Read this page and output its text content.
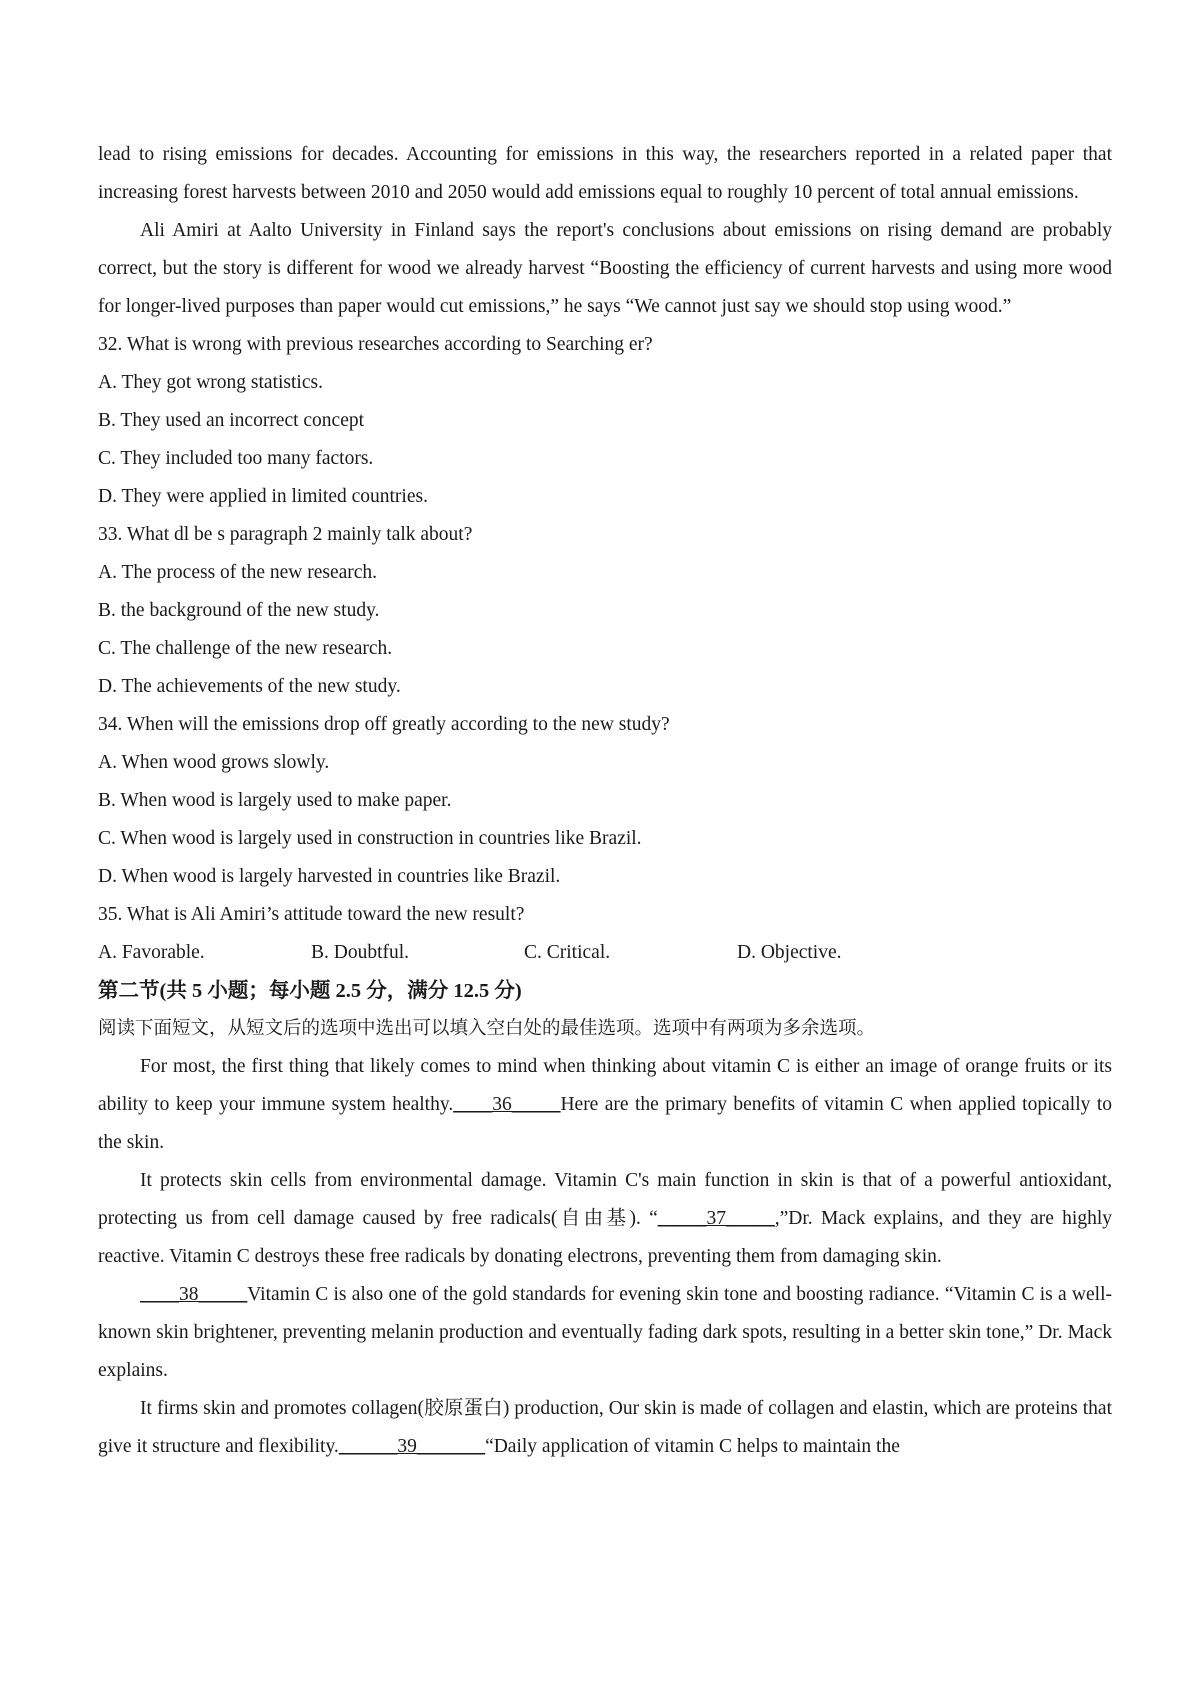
lead to rising emissions for decades. Accounting for emissions in this way, the researchers reported in a related paper that increasing forest harvests between 2010 and 2050 would add emissions equal to roughly 10 percent of total annual emissions.

Ali Amiri at Aalto University in Finland says the report's conclusions about emissions on rising demand are probably correct, but the story is different for wood we already harvest “Boosting the efficiency of current harvests and using more wood for longer-lived purposes than paper would cut emissions,” he says “We cannot just say we should stop using wood.”

32. What is wrong with previous researches according to Searching er?

A. They got wrong statistics.

B. They used an incorrect concept

C. They included too many factors.

D. They were applied in limited countries.

33. What dl be s paragraph 2 mainly talk about?

A. The process of the new research.

B. the background of the new study.

C. The challenge of the new research.

D. The achievements of the new study.

34. When will the emissions drop off greatly according to the new study?

A. When wood grows slowly.

B. When wood is largely used to make paper.

C. When wood is largely used in construction in countries like Brazil.

D. When wood is largely harvested in countries like Brazil.

35. What is Ali Amiri’s attitude toward the new result?

A. Favorable.	B. Doubtful.	C. Critical.	D. Objective.
第二节(共 5 小题；每小题 2.5 分，满分 12.5 分)
阅读下面短文，从短文后的选项中选出可以填入空白处的最佳选项。选项中有两项为多余选项。

For most, the first thing that likely comes to mind when thinking about vitamin C is either an image of orange fruits or its ability to keep your immune system healthy.____36_____Here are the primary benefits of vitamin C when applied topically to the skin.

It protects skin cells from environmental damage. Vitamin C's main function in skin is that of a powerful antioxidant, protecting us from cell damage caused by free radicals(自由基). “_____37_____,”Dr. Mack explains, and they are highly reactive. Vitamin C destroys these free radicals by donating electrons, preventing them from damaging skin.

____38_____Vitamin C is also one of the gold standards for evening skin tone and boosting radiance. “Vitamin C is a well-known skin brightener, preventing melanin production and eventually fading dark spots, resulting in a better skin tone,” Dr. Mack explains.

It firms skin and promotes collagen(胶原蛋白) production, Our skin is made of collagen and elastin, which are proteins that give it structure and flexibility.______39_______“Daily application of vitamin C helps to maintain the
